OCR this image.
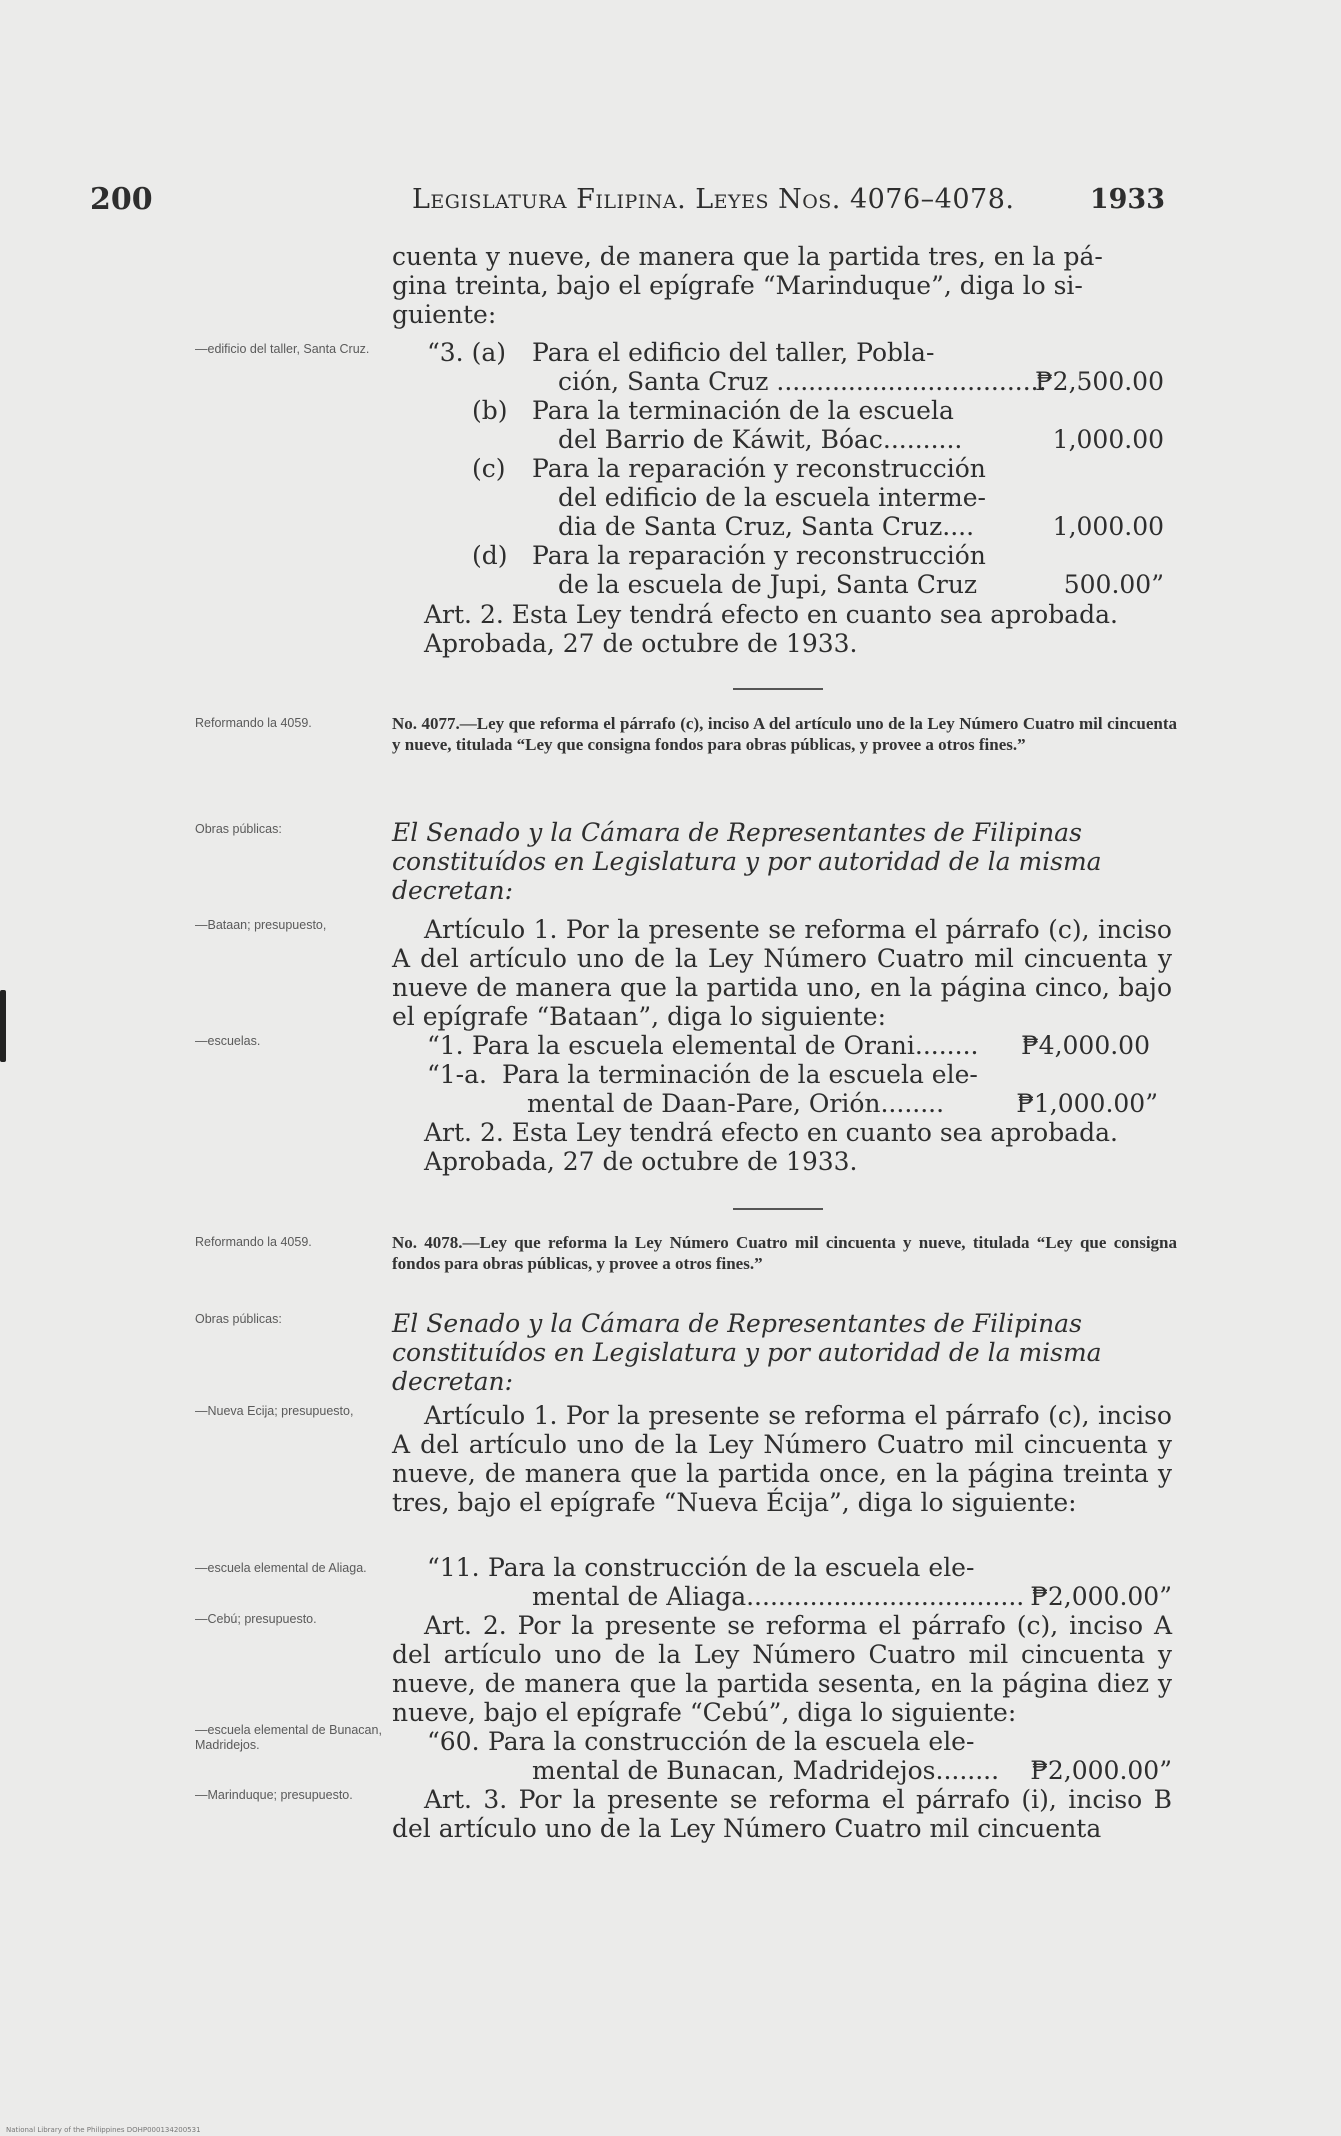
200	Legislatura Filipina. Leyes Nos. 4076–4078.	1933
cuenta y nueve, de manera que la partida tres, en la pá-
gina treinta, bajo el epígrafe “Marinduque”, diga lo si-
guiente:
—edificio del taller, Santa Cruz.	“3. (a) Para el edificio del taller, Pobla-
ción, Santa Cruz ..................................
₱2,500.00
(b) Para la terminación de la escuela
del Barrio de Káwit, Bóac..........	1,000.00
(c) Para la reparación y reconstrucción
del edificio de la escuela interme-
dia de Santa Cruz, Santa Cruz....	1,000.00
(d) Para la reparación y reconstrucción
de la escuela de Jupi, Santa Cruz	500.00”
Art. 2. Esta Ley tendrá efecto en cuanto sea aprobada.
Aprobada, 27 de octubre de 1933.
Reformando la 4059.	No. 4077.—Ley que reforma el párrafo (c), inciso A del artículo uno de la Ley Número Cuatro mil cincuenta y nueve, titulada “Ley que consigna fondos para obras públicas, y provee a otros fines.”
Obras públicas:	El Senado y la Cámara de Representantes de Filipinas constituídos en Legislatura y por autoridad de la misma decretan:
—Bataan; presupuesto,	Artículo 1. Por la presente se reforma el párrafo (c), inciso A del artículo uno de la Ley Número Cuatro mil cincuenta y nueve de manera que la partida uno, en la página cinco, bajo el epígrafe “Bataan”, diga lo siguiente:
—escuelas.	“1. Para la escuela elemental de Orani........ ₱4,000.00
“1-a. Para la terminación de la escuela ele-
mental de Daan-Pare, Orión........	₱1,000.00”
Art. 2. Esta Ley tendrá efecto en cuanto sea aprobada.
Aprobada, 27 de octubre de 1933.
Reformando la 4059.	No. 4078.—Ley que reforma la Ley Número Cuatro mil cincuenta y nueve, titulada “Ley que consigna fondos para obras públicas, y provee a otros fines.”
Obras públicas:	El Senado y la Cámara de Representantes de Filipinas constituídos en Legislatura y por autoridad de la misma decretan:
—Nueva Ecija; presupuesto,	Artículo 1. Por la presente se reforma el párrafo (c), inciso A del artículo uno de la Ley Número Cuatro mil cincuenta y nueve, de manera que la partida once, en la página treinta y tres, bajo el epígrafe “Nueva Écija”, diga lo siguiente:
—escuela elemental de Aliaga.	“11. Para la construcción de la escuela ele-
mental de Aliaga................................... ₱2,000.00”
—Cebú; presupuesto.	Art. 2. Por la presente se reforma el párrafo (c), inciso A del artículo uno de la Ley Número Cuatro mil cincuenta y nueve, de manera que la partida sesenta, en la página diez y nueve, bajo el epígrafe “Cebú”, diga lo siguiente:
—escuela elemental de Bunacan, Madridejos.	“60. Para la construcción de la escuela ele-
mental de Bunacan, Madridejos........ ₱2,000.00”
—Marinduque; presupuesto.	Art. 3. Por la presente se reforma el párrafo (i), inciso B del artículo uno de la Ley Número Cuatro mil cincuenta
National Library of the Philippines DOHP000134200531
